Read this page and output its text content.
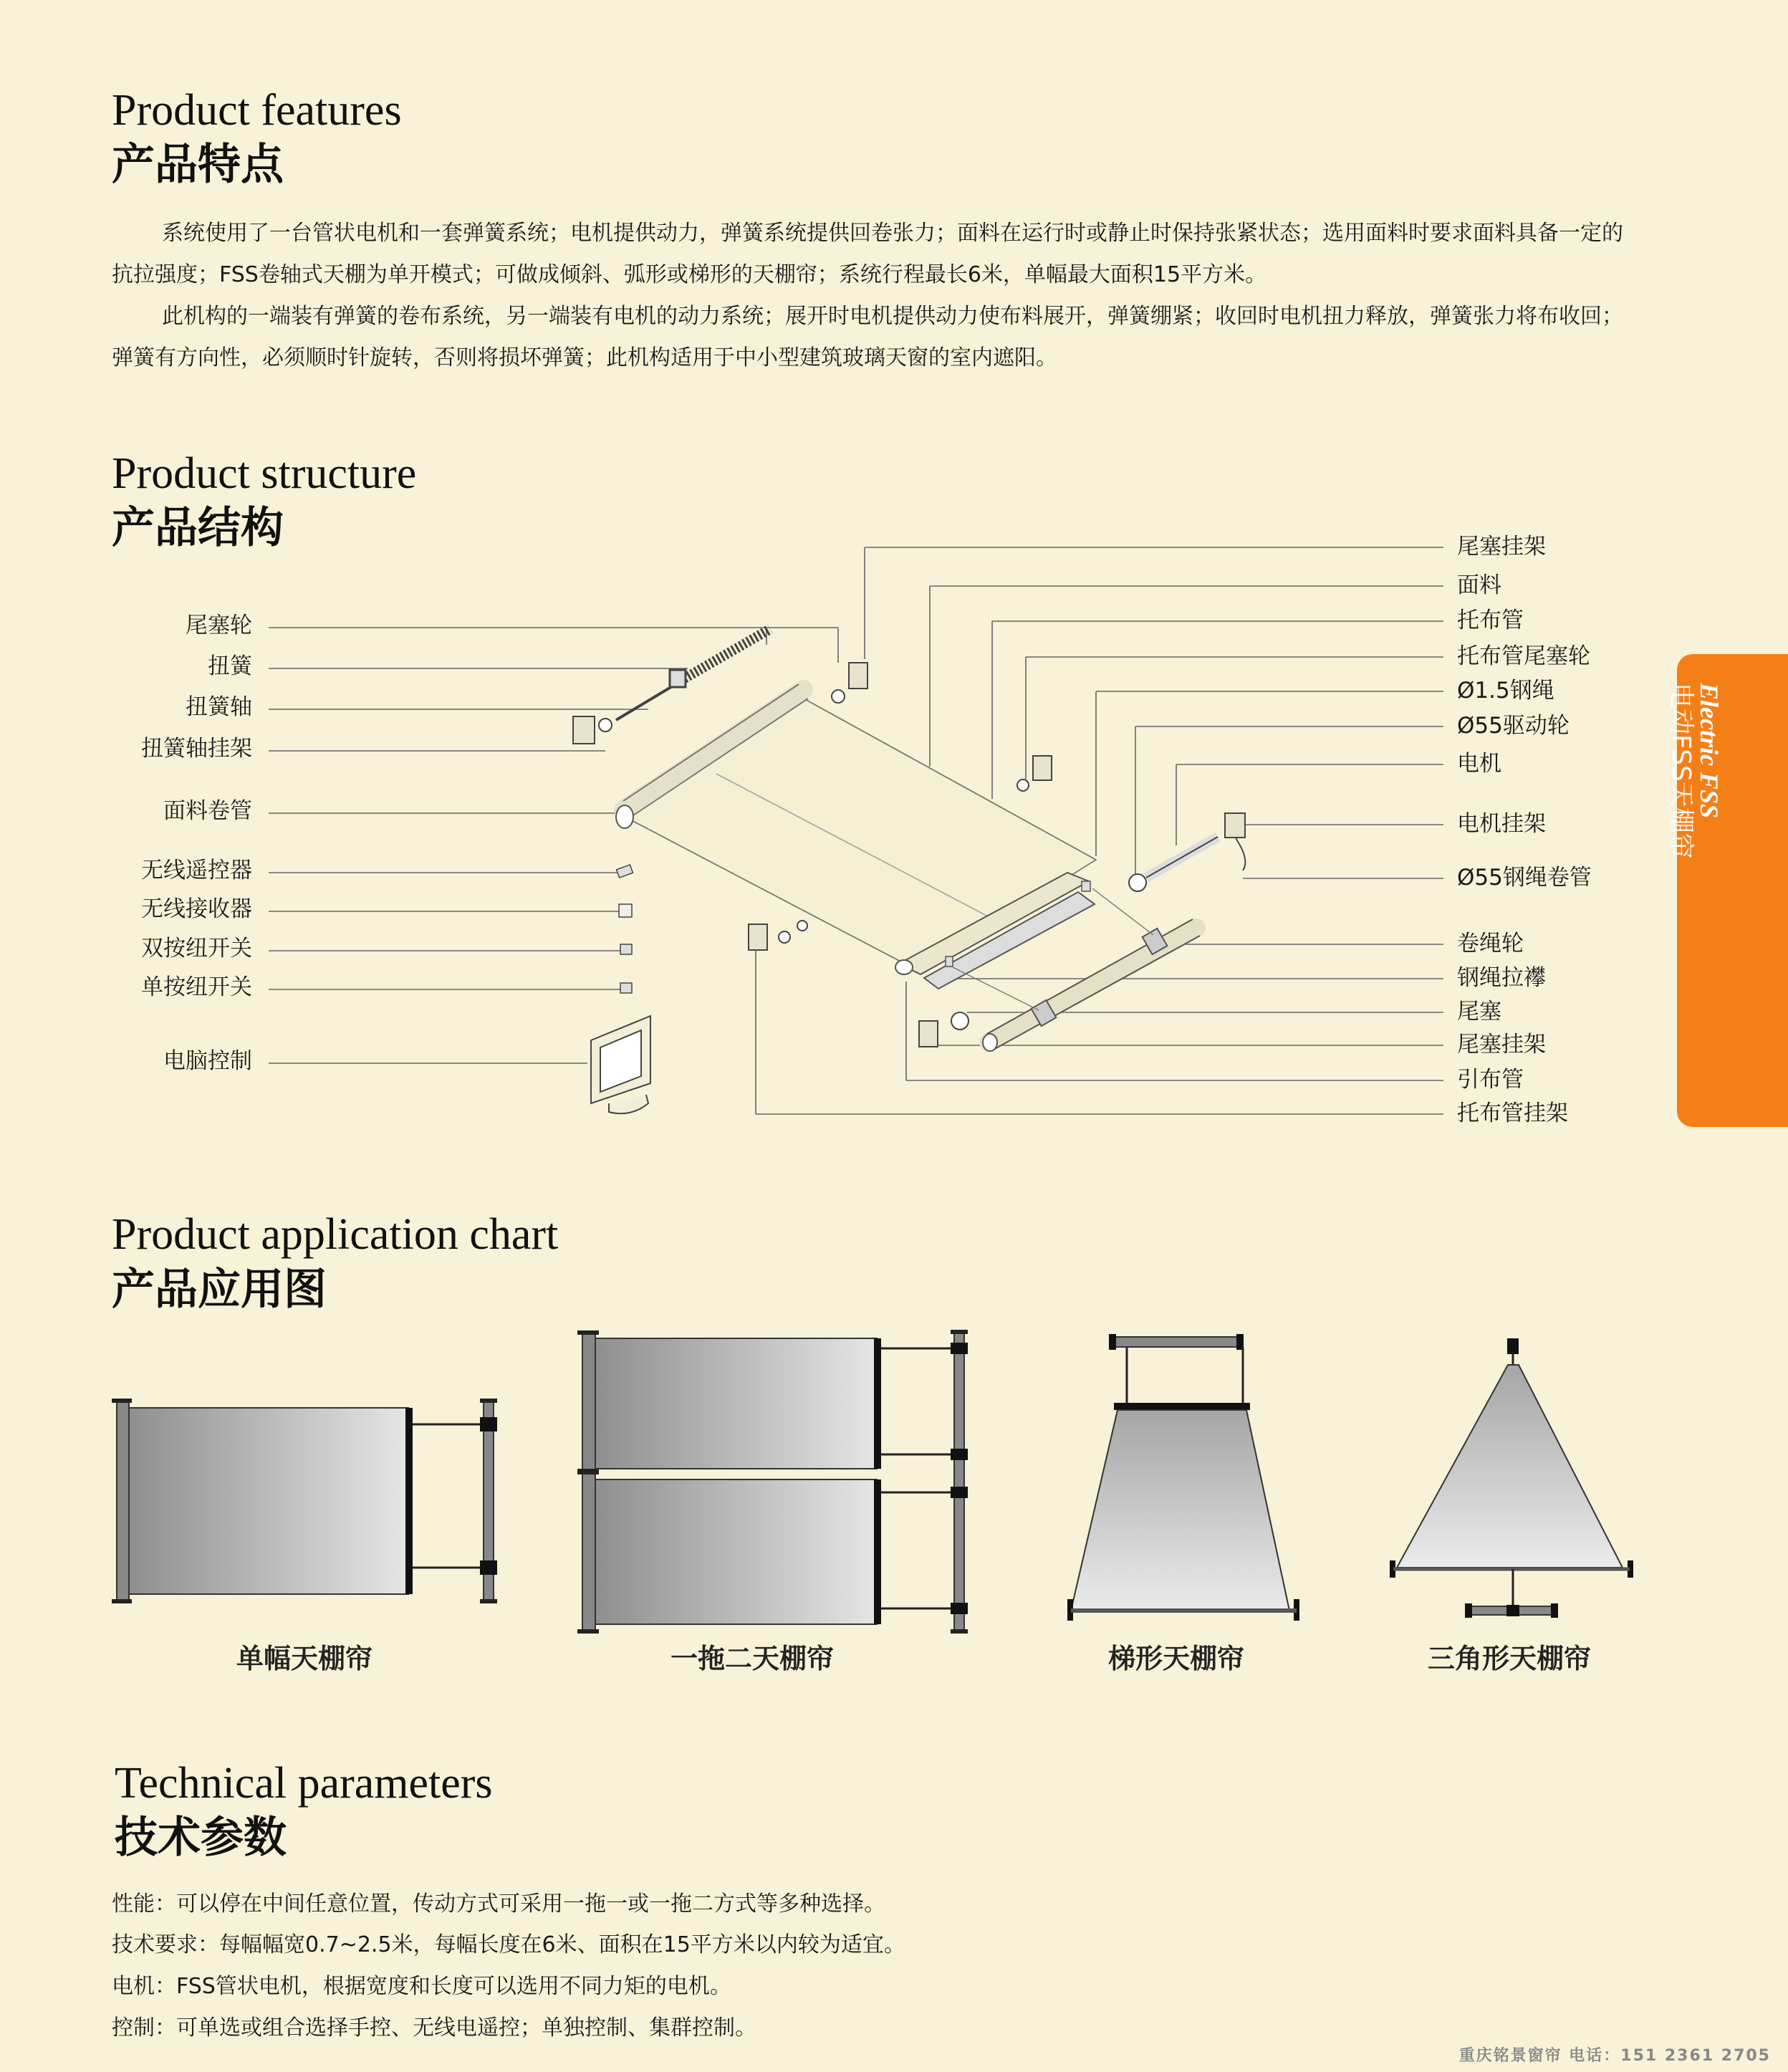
Product features
产品特点

系统使用了一台管状电机和一套弹簧系统；电机提供动力，弹簧系统提供回卷张力；面料在运行时或静止时保持张紧状态；选用面料时要求面料具备一定的抗拉强度；FSS卷轴式天棚为单开模式；可做成倾斜、弧形或梯形的天棚帘；系统行程最长6米，单幅最大面积15平方米。

此机构的一端装有弹簧的卷布系统，另一端装有电机的动力系统；展开时电机提供动力使布料展开，弹簧绷紧；收回时电机扭力释放，弹簧张力将布收回； 弹簧有方向性，必须顺时针旋转，否则将损坏弹簧；此机构适用于中小型建筑玻璃天窗的室内遮阳。

Product structure
产品结构
尾塞轮
扭簧
扭簧轴
扭簧轴挂架
面料卷管
无线遥控器
无线接收器
双按纽开关
单按纽开关
电脑控制
尾塞挂架
面料
托布管
托布管尾塞轮
Ø1.5钢绳
Ø55驱动轮
电机
电机挂架
Ø55钢绳卷管
卷绳轮
钢绳拉襻
尾塞
尾塞挂架
引布管
托布管挂架
Electric FSS
电动FSS天棚帘
Product application chart
产品应用图
单幅天棚帘	一拖二天棚帘	梯形天棚帘	三角形天棚帘
Technical parameters
技术参数
性能：可以停在中间任意位置，传动方式可采用一拖一或一拖二方式等多种选择。
技术要求：每幅幅宽0.7~2.5米，每幅长度在6米、面积在15平方米以内较为适宜。
电机：FSS管状电机，根据宽度和长度可以选用不同力矩的电机。
控制：可单选或组合选择手控、无线电遥控；单独控制、集群控制。
重庆铭景窗帘 电话：151 2361 2705
